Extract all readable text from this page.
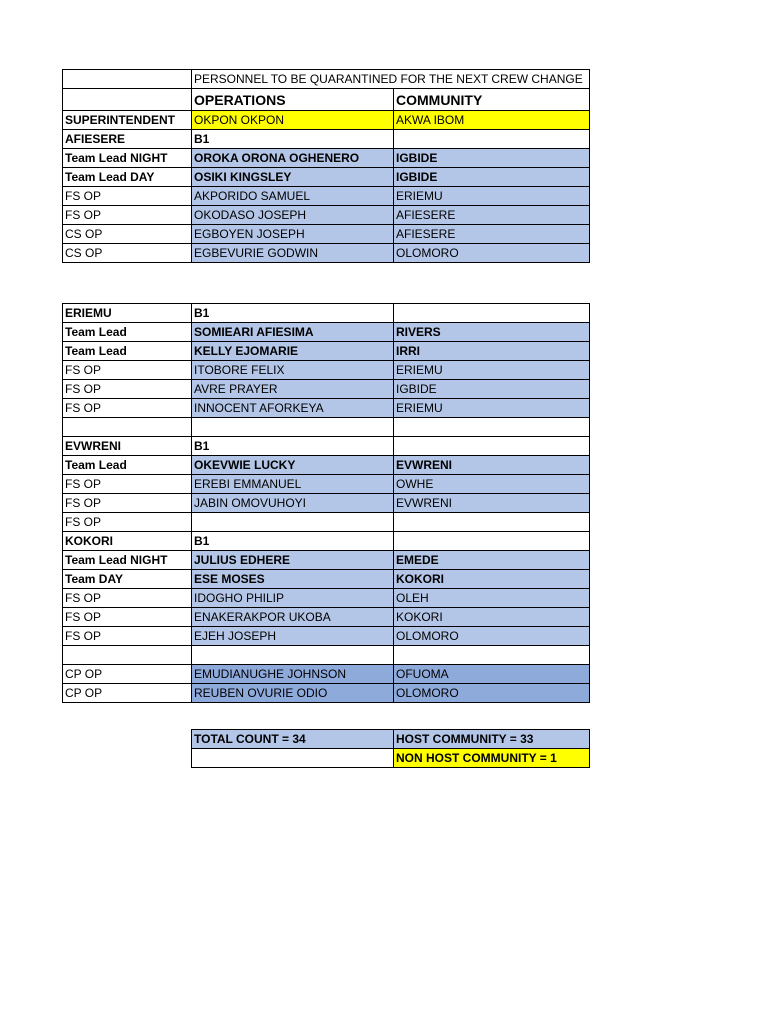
	PERSONNEL TO BE QUARANTINED FOR THE NEXT CREW CHANGE	
	OPERATIONS	COMMUNITY
SUPERINTENDENT	OKPON OKPON	AKWA IBOM
AFIESERE	B1	
Team Lead NIGHT	OROKA ORONA OGHENERO	IGBIDE
Team Lead DAY	OSIKI KINGSLEY	IGBIDE
FS OP	AKPORIDO SAMUEL	ERIEMU
FS OP	OKODASO JOSEPH	AFIESERE
CS OP	EGBOYEN JOSEPH	AFIESERE
CS OP	EGBEVURIE GODWIN	OLOMORO
ERIEMU	B1	
Team Lead	SOMIEARI AFIESIMA	RIVERS
Team Lead	KELLY EJOMARIE	IRRI
FS OP	ITOBORE FELIX	ERIEMU
FS OP	AVRE PRAYER	IGBIDE
FS OP	INNOCENT AFORKEYA	ERIEMU

EVWRENI	B1	
Team Lead	OKEVWIE LUCKY	EVWRENI
FS OP	EREBI EMMANUEL	OWHE
FS OP	JABIN OMOVUHOYI	EVWRENI
FS OP		
KOKORI	B1	
Team Lead NIGHT	JULIUS EDHERE	EMEDE
Team DAY	ESE MOSES	KOKORI
FS OP	IDOGHO PHILIP	OLEH
FS OP	ENAKERAKPOR UKOBA	KOKORI
FS OP	EJEH JOSEPH	OLOMORO

CP OP	EMUDIANUGHE JOHNSON	OFUOMA
CP OP	REUBEN OVURIE ODIO	OLOMORO
TOTAL COUNT = 34	HOST COMMUNITY = 33
	NON HOST COMMUNITY = 1
